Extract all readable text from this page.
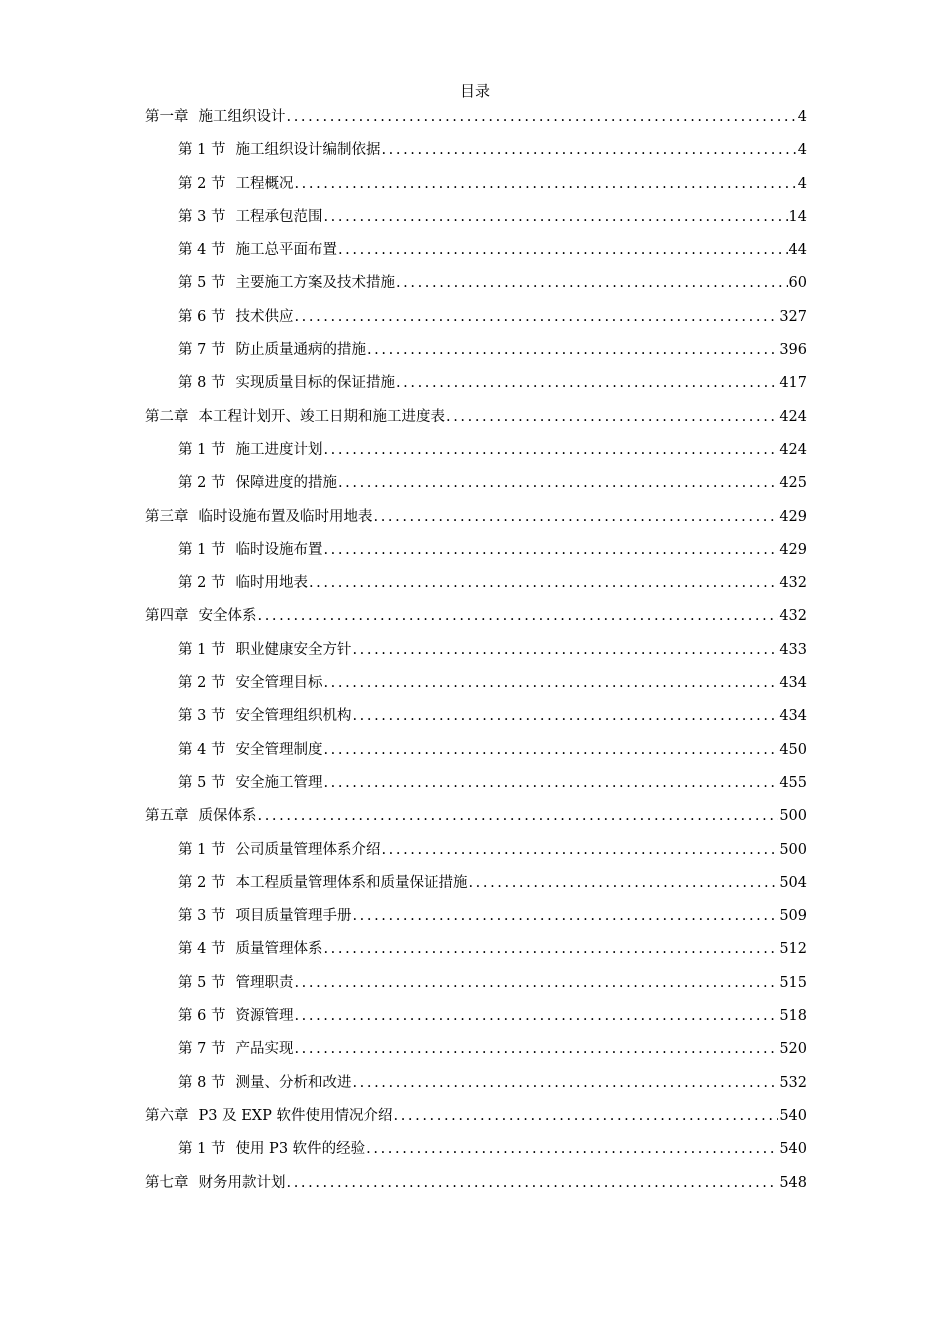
目录
第一章 施工组织设计 .....	4
第 1 节 施工组织设计编制依据 .....	4
第 2 节 工程概况 .....	4
第 3 节 工程承包范围 .....	14
第 4 节 施工总平面布置 .....	44
第 5 节 主要施工方案及技术措施 .....	60
第 6 节 技术供应 .....	327
第 7 节 防止质量通病的措施 .....	396
第 8 节 实现质量目标的保证措施 .....	417
第二章 本工程计划开、竣工日期和施工进度表 .....	424
第 1 节 施工进度计划 .....	424
第 2 节 保障进度的措施 .....	425
第三章 临时设施布置及临时用地表 .....	429
第 1 节 临时设施布置 .....	429
第 2 节 临时用地表 .....	432
第四章 安全体系 .....	432
第 1 节 职业健康安全方针 .....	433
第 2 节 安全管理目标 .....	434
第 3 节 安全管理组织机构 .....	434
第 4 节 安全管理制度 .....	450
第 5 节 安全施工管理 .....	455
第五章 质保体系 .....	500
第 1 节 公司质量管理体系介绍 .....	500
第 2 节 本工程质量管理体系和质量保证措施 .....	504
第 3 节 项目质量管理手册 .....	509
第 4 节 质量管理体系 .....	512
第 5 节 管理职责 .....	515
第 6 节 资源管理 .....	518
第 7 节 产品实现 .....	520
第 8 节 测量、分析和改进 .....	532
第六章 P3 及 EXP 软件使用情况介绍 .....	540
第 1 节 使用 P3 软件的经验 .....	540
第七章 财务用款计划 .....	548
